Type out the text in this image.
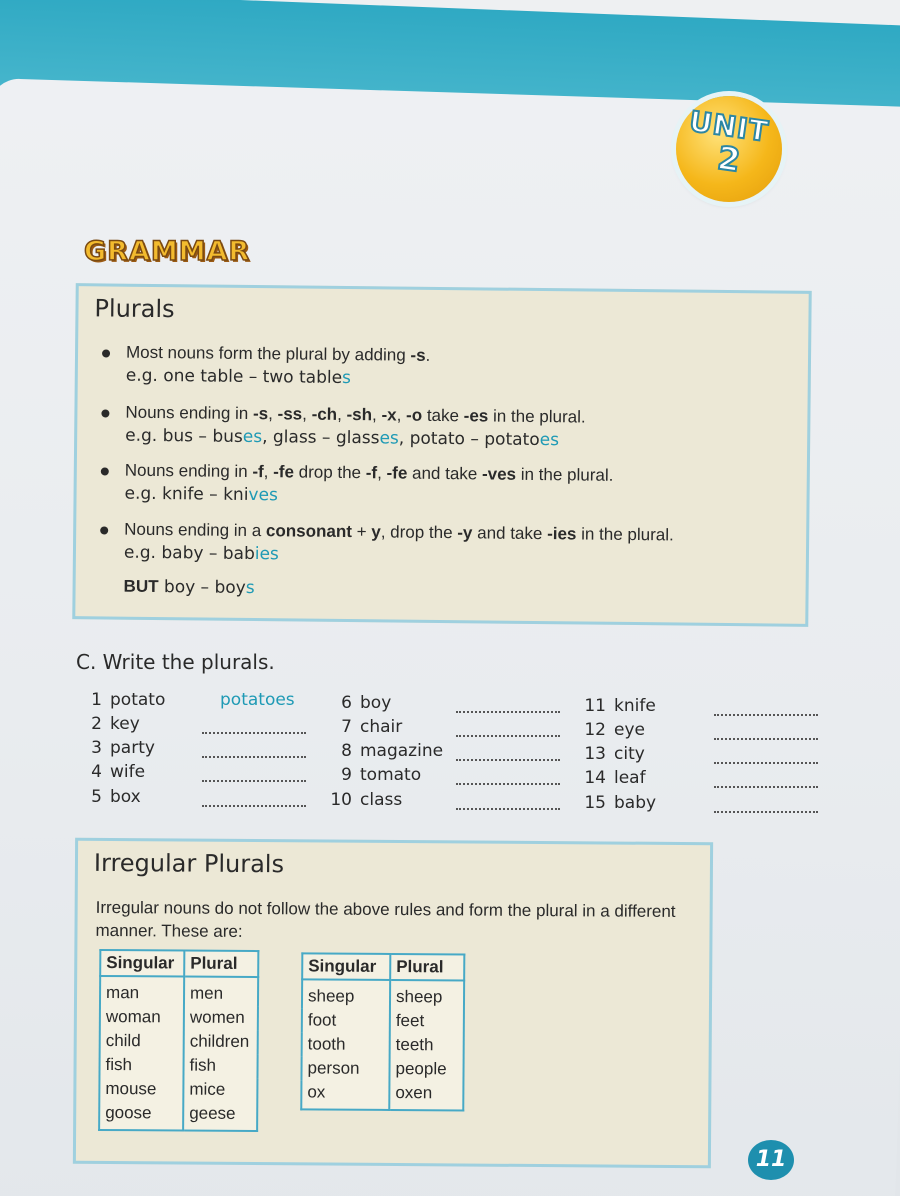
UNIT
2
GRAMMAR
Plurals
Most nouns form the plural by adding -s.
e.g. one table – two tables
Nouns ending in -s, -ss, -ch, -sh, -x, -o take -es in the plural.
e.g. bus – buses, glass – glasses, potato – potatoes
Nouns ending in -f, -fe drop the -f, -fe and take -ves in the plural.
e.g. knife – knives
Nouns ending in a consonant + y, drop the -y and take -ies in the plural.
e.g. baby – babies
BUT boy – boys
C. Write the plurals.
1 potato	potatoes
2 key
3 party
4 wife
5 box
6 boy
7 chair
8 magazine
9 tomato
10 class
11 knife
12 eye
13 city
14 leaf
15 baby
Irregular Plurals
Irregular nouns do not follow the above rules and form the plural in a different manner. These are:
Singular	Plural
man	men
woman	women
child	children
fish	fish
mouse	mice
goose	geese
Singular	Plural
sheep	sheep
foot	feet
tooth	teeth
person	people
ox	oxen
11
